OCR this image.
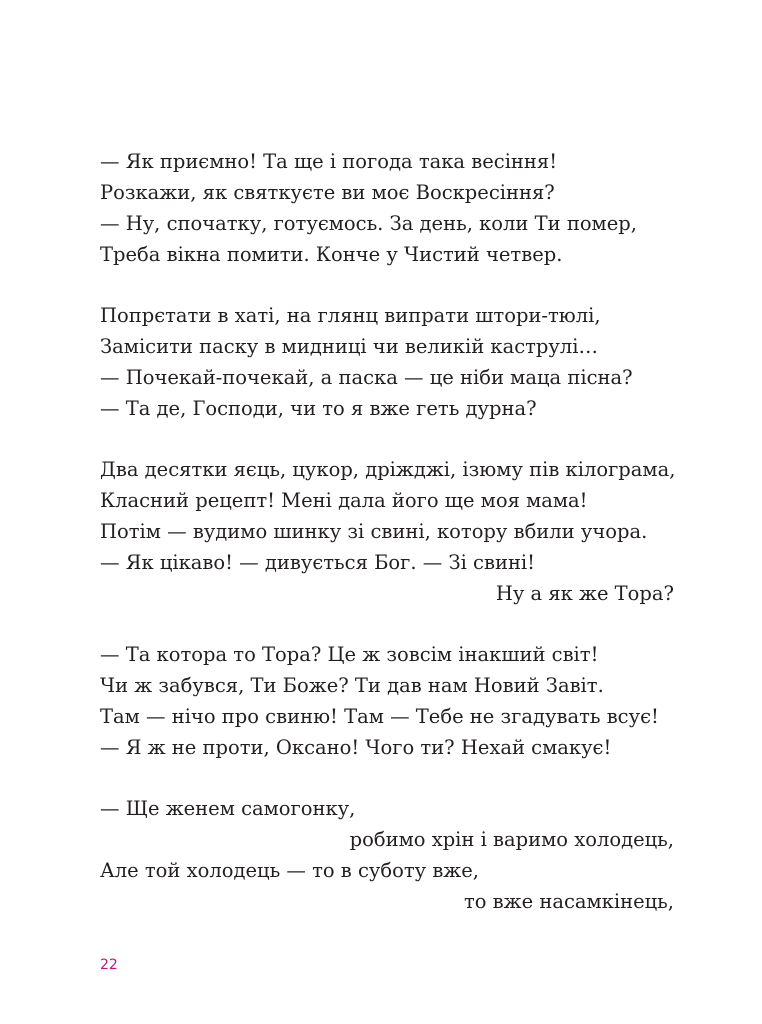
— Як приємно! Та ще і погода така весіння!
Розкажи, як святкуєте ви моє Воскресіння?
— Ну, спочатку, готуємось. За день, коли Ти помер,
Треба вікна помити. Конче у Чистий четвер.
Попрєтати в хаті, на глянц випрати штори-тюлі,
Замісити паску в мидниці чи великій каструлі…
— Почекай-почекай, а паска — це ніби маца пісна?
— Та де, Господи, чи то я вже геть дурна?
Два десятки яєць, цукор, дріжджі, ізюму пів кілограма,
Класний рецепт! Мені дала його ще моя мама!
Потім — вудимо шинку зі свині, котору вбили учора.
— Як цікаво! — дивується Бог. — Зі свині!
Ну а як же Тора?
— Та котора то Тора? Це ж зовсім інакший світ!
Чи ж забувся, Ти Боже? Ти дав нам Новий Завіт.
Там — нічо про свиню! Там — Тебе не згадувать всує!
— Я ж не проти, Оксано! Чого ти? Нехай смакує!
— Ще женем самогонку,
робимо хрін і варимо холодець,
Але той холодець — то в суботу вже,
то вже насамкінець,
22
